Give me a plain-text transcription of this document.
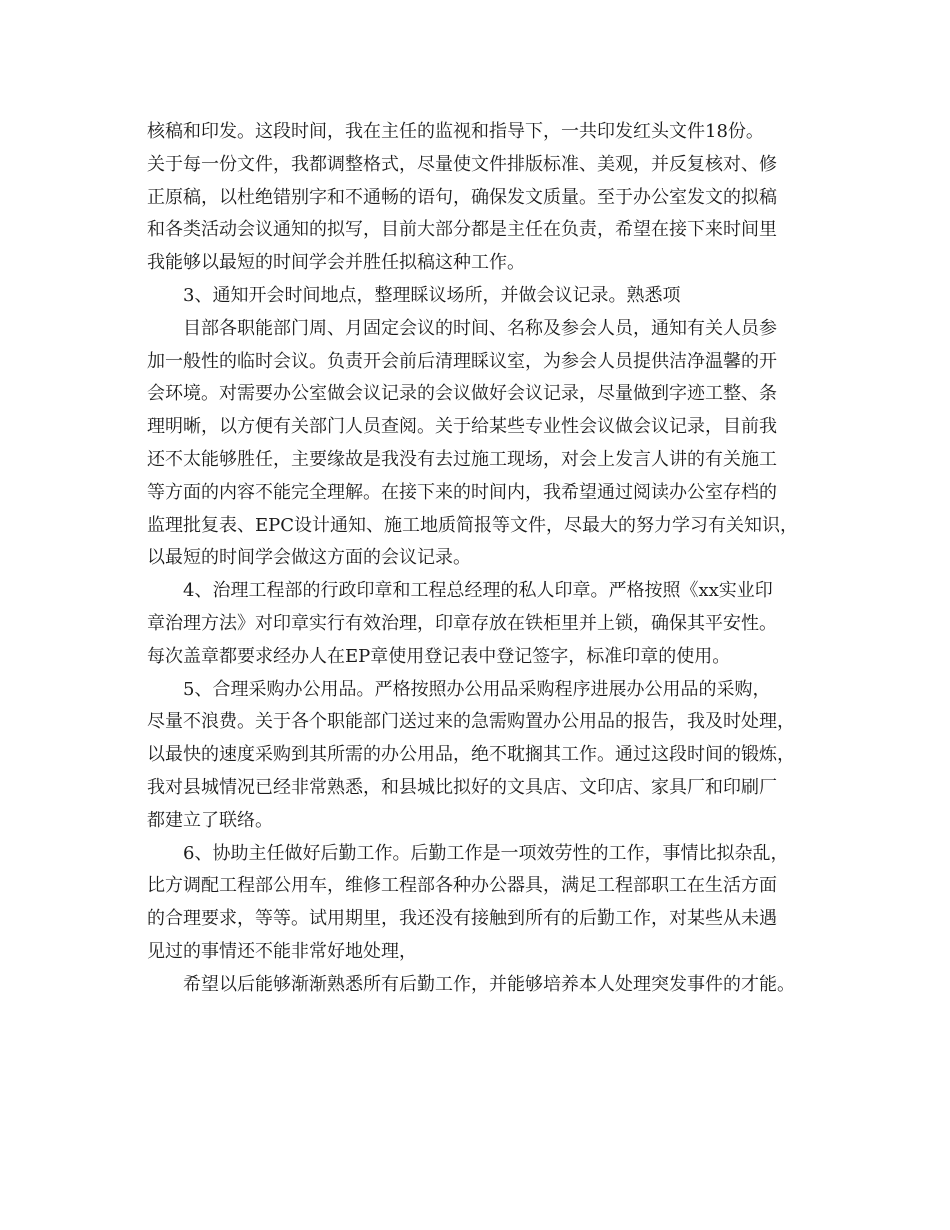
核稿和印发。这段时间，我在主任的监视和指导下，一共印发红头文件18份。

关于每一份文件，我都调整格式，尽量使文件排版标准、美观，并反复核对、修

正原稿，以杜绝错别字和不通畅的语句，确保发文质量。至于办公室发文的拟稿

和各类活动会议通知的拟写，目前大部分都是主任在负责，希望在接下来时间里

我能够以最短的时间学会并胜任拟稿这种工作。

3、通知开会时间地点，整理睬议场所，并做会议记录。熟悉项

目部各职能部门周、月固定会议的时间、名称及参会人员，通知有关人员参

加一般性的临时会议。负责开会前后清理睬议室，为参会人员提供洁净温馨的开

会环境。对需要办公室做会议记录的会议做好会议记录，尽量做到字迹工整、条

理明晰，以方便有关部门人员查阅。关于给某些专业性会议做会议记录，目前我

还不太能够胜任，主要缘故是我没有去过施工现场，对会上发言人讲的有关施工

等方面的内容不能完全理解。在接下来的时间内，我希望通过阅读办公室存档的

监理批复表、EPC设计通知、施工地质简报等文件，尽最大的努力学习有关知识，

以最短的时间学会做这方面的会议记录。

4、治理工程部的行政印章和工程总经理的私人印章。严格按照《xx实业印

章治理方法》对印章实行有效治理，印章存放在铁柜里并上锁，确保其平安性。

每次盖章都要求经办人在EP章使用登记表中登记签字，标准印章的使用。

5、合理采购办公用品。严格按照办公用品采购程序进展办公用品的采购，

尽量不浪费。关于各个职能部门送过来的急需购置办公用品的报告，我及时处理，

以最快的速度采购到其所需的办公用品，绝不耽搁其工作。通过这段时间的锻炼，

我对县城情况已经非常熟悉，和县城比拟好的文具店、文印店、家具厂和印刷厂

都建立了联络。

6、协助主任做好后勤工作。后勤工作是一项效劳性的工作，事情比拟杂乱，

比方调配工程部公用车，维修工程部各种办公器具，满足工程部职工在生活方面

的合理要求，等等。试用期里，我还没有接触到所有的后勤工作，对某些从未遇

见过的事情还不能非常好地处理，

希望以后能够渐渐熟悉所有后勤工作，并能够培养本人处理突发事件的才能。
